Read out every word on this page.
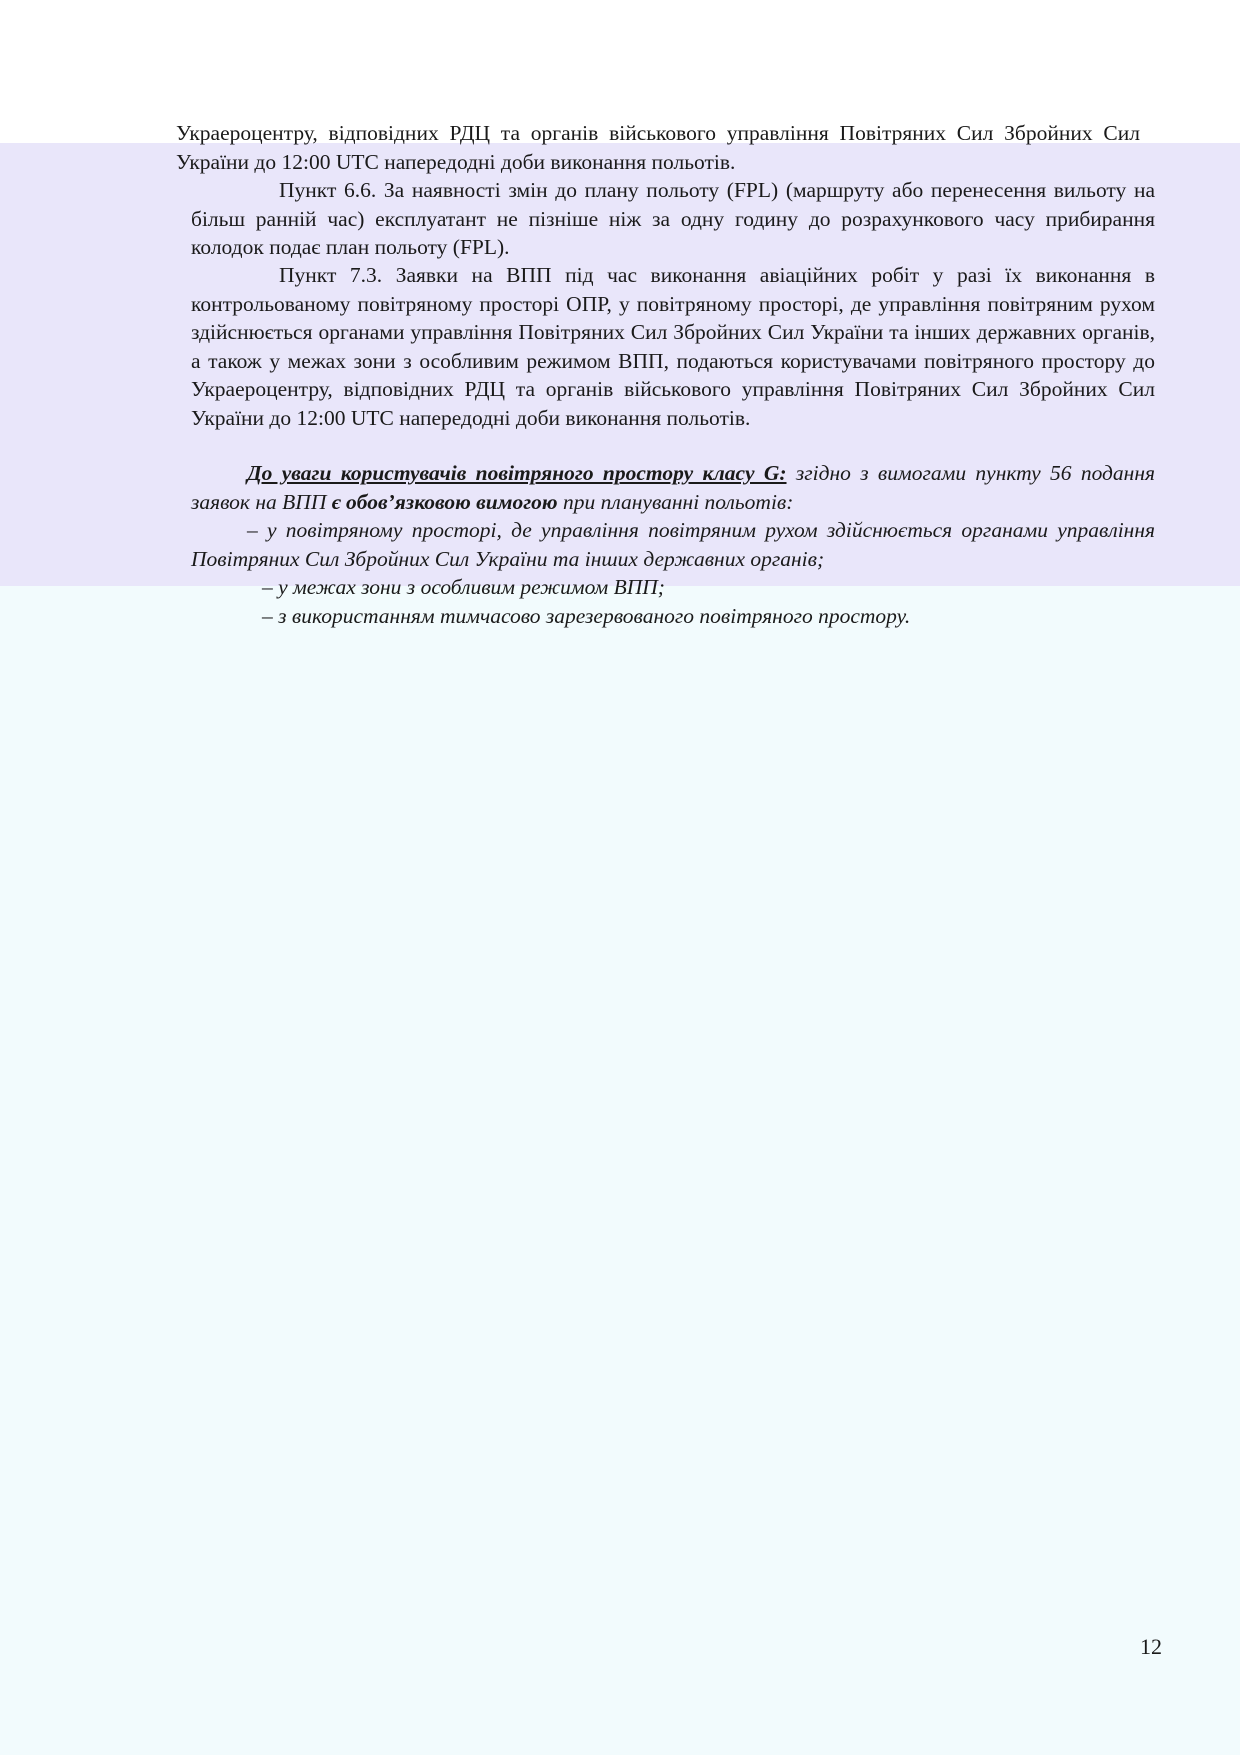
Украероцентру, відповідних РДЦ та органів військового управління Повітряних Сил Збройних Сил України до 12:00 UTC напередодні доби виконання польотів.

Пункт 6.6. За наявності змін до плану польоту (FPL) (маршруту або перенесення вильоту на більш ранній час) експлуатант не пізніше ніж за одну годину до розрахункового часу прибирання колодок подає план польоту (FPL).

Пункт 7.3. Заявки на ВПП під час виконання авіаційних робіт у разі їх виконання в контрольованому повітряному просторі ОПР, у повітряному просторі, де управління повітряним рухом здійснюється органами управління Повітряних Сил Збройних Сил України та інших державних органів, а також у межах зони з особливим режимом ВПП, подаються користувачами повітряного простору до Украероцентру, відповідних РДЦ та органів військового управління Повітряних Сил Збройних Сил України до 12:00 UTC напередодні доби виконання польотів.

До уваги користувачів повітряного простору класу G: згідно з вимогами пункту 56 подання заявок на ВПП є обов’язковою вимогою при плануванні польотів:

– у повітряному просторі, де управління повітряним рухом здійснюється органами управління Повітряних Сил Збройних Сил України та інших державних органів;

– у межах зони з особливим режимом ВПП;

– з використанням тимчасово зарезервованого повітряного простору.

12
